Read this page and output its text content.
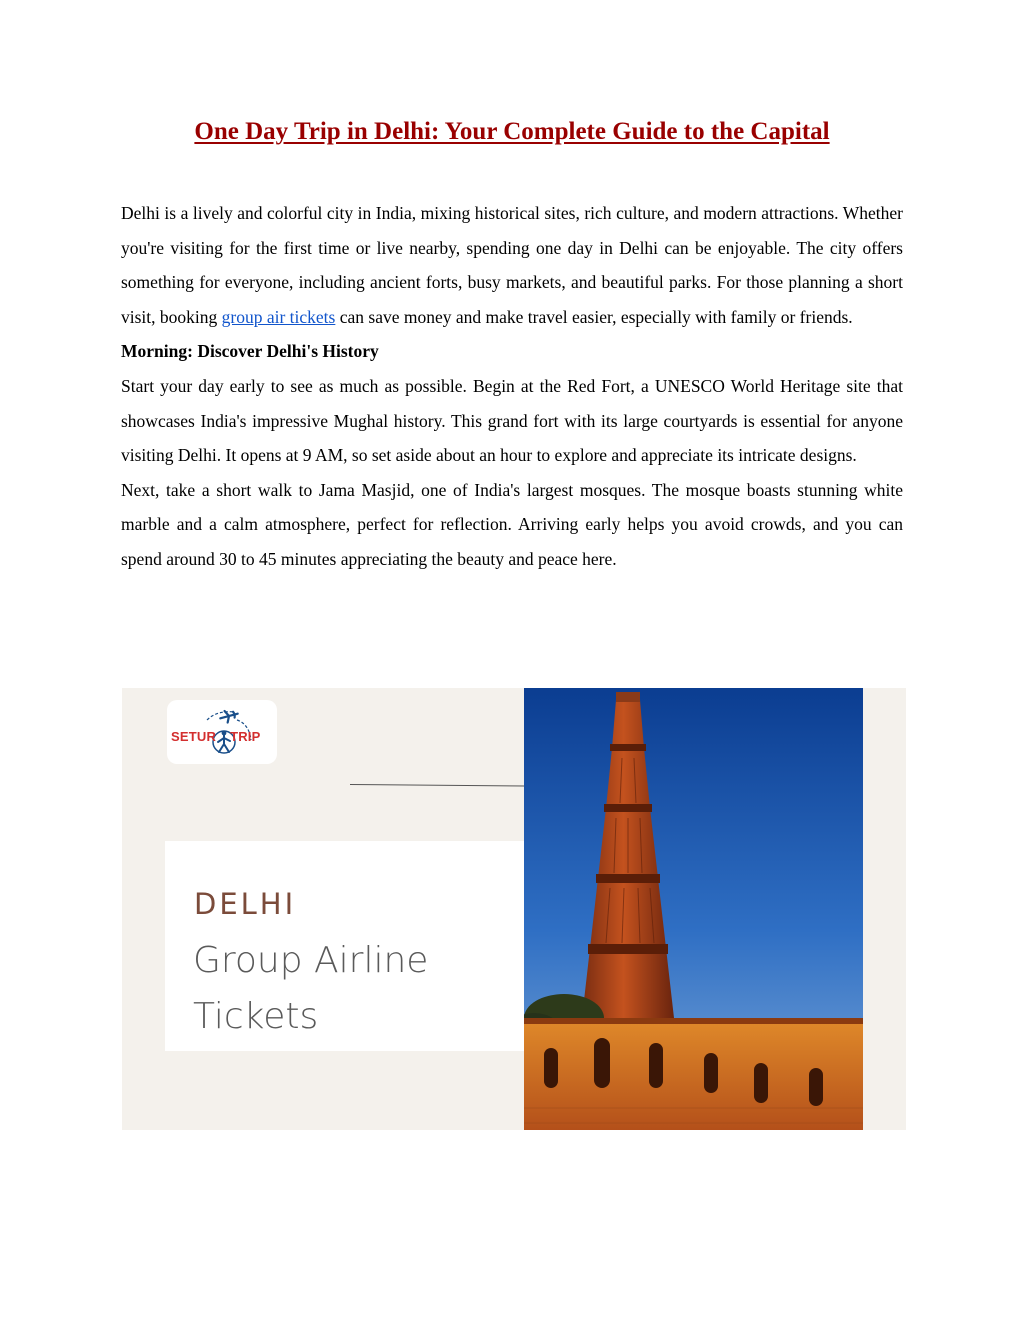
One Day Trip in Delhi: Your Complete Guide to the Capital

Delhi is a lively and colorful city in India, mixing historical sites, rich culture, and modern attractions. Whether you're visiting for the first time or live nearby, spending one day in Delhi can be enjoyable. The city offers something for everyone, including ancient forts, busy markets, and beautiful parks. For those planning a short visit, booking group air tickets can save money and make travel easier, especially with family or friends.

Morning: Discover Delhi's History

Start your day early to see as much as possible. Begin at the Red Fort, a UNESCO World Heritage site that showcases India's impressive Mughal history. This grand fort with its large courtyards is essential for anyone visiting Delhi. It opens at 9 AM, so set aside about an hour to explore and appreciate its intricate designs.

Next, take a short walk to Jama Masjid, one of India's largest mosques. The mosque boasts stunning white marble and a calm atmosphere, perfect for reflection. Arriving early helps you avoid crowds, and you can spend around 30 to 45 minutes appreciating the beauty and peace here.

SETUR TRIP
DELHI
Group Airline
Tickets
